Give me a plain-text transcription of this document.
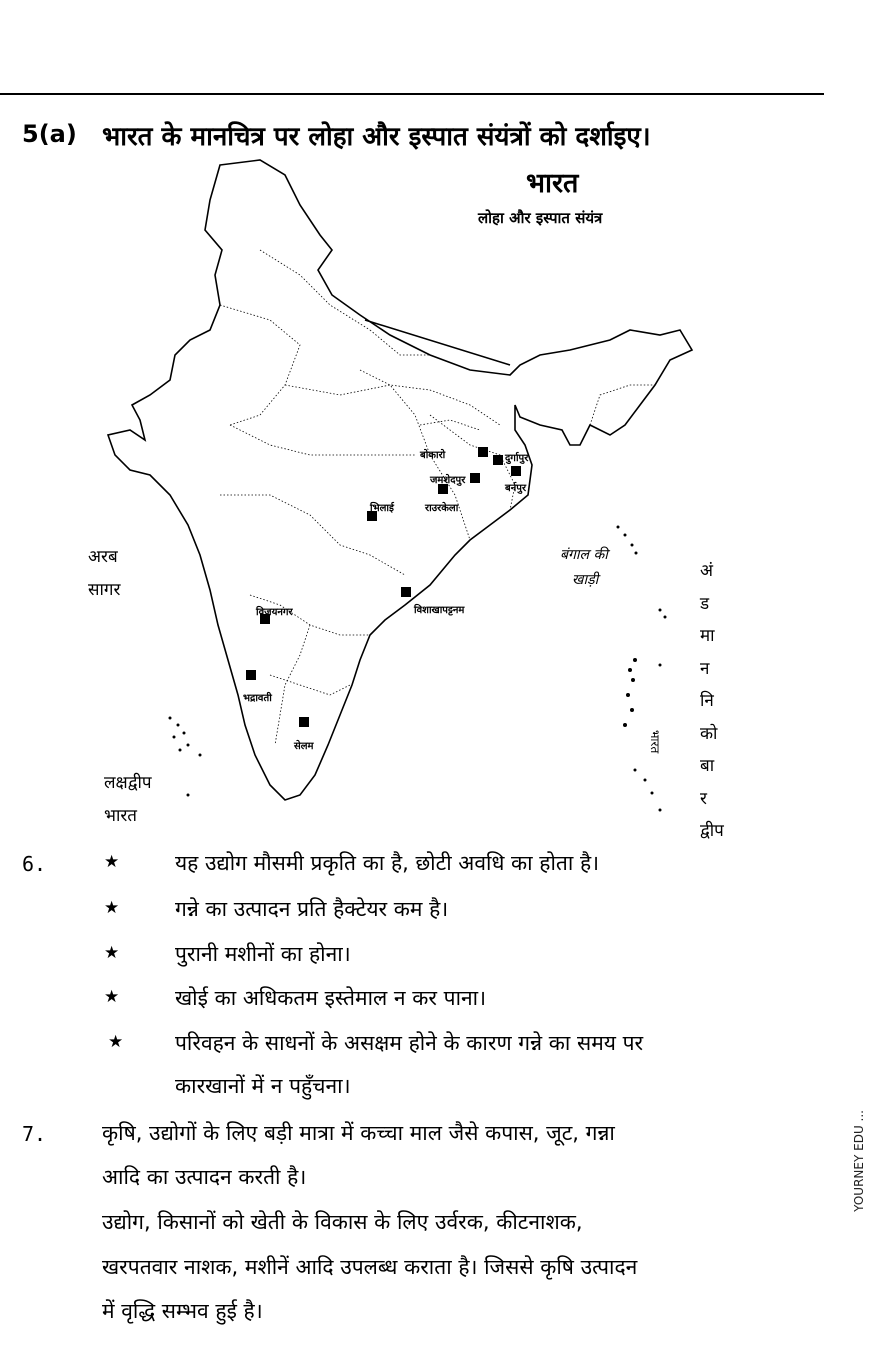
5(a) भारत के मानचित्र पर लोहा और इस्पात संयंत्रों को दर्शाइए।
भारत
लोहा और इस्पात संयंत्र
बोकारो	दुर्गापुर
जमशेदपुर
बर्नपुर
राउरकेला
भिलाई
विशाखापट्टनम
विजयनगर
भद्रावती
सेलम
अरब
सागर
बंगाल की
खाड़ी
लक्षद्वीप
भारत
भारत
अं
ड
मा
न
नि
को
बा
र
द्वीप
6.	★	यह उद्योग मौसमी प्रकृति का है, छोटी अवधि का होता है।
★	गन्ने का उत्पादन प्रति हैक्टेयर कम है।
★	पुरानी मशीनों का होना।
★	खोई का अधिकतम इस्तेमाल न कर पाना।
★ परिवहन के साधनों के असक्षम होने के कारण गन्ने का समय पर
कारखानों में न पहुँचना।
7.	कृषि, उद्योगों के लिए बड़ी मात्रा में कच्चा माल जैसे कपास, जूट, गन्ना
आदि का उत्पादन करती है।
उद्योग, किसानों को खेती के विकास के लिए उर्वरक, कीटनाशक,
खरपतवार नाशक, मशीनें आदि उपलब्ध कराता है। जिससे कृषि उत्पादन
में वृद्धि सम्भव हुई है।
YOURNEY EDU ...
